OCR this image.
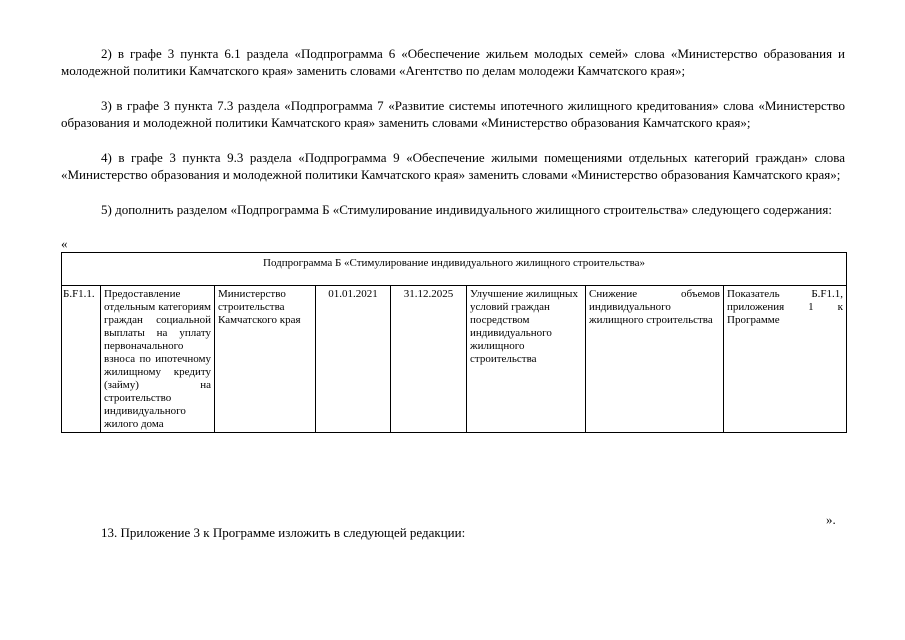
2) в графе 3 пункта 6.1 раздела «Подпрограмма 6 «Обеспечение жильем молодых семей» слова «Министерство образования и молодежной политики Камчатского края» заменить словами «Агентство по делам молодежи Камчатского края»;
3) в графе 3 пункта 7.3 раздела «Подпрограмма 7 «Развитие системы ипотечного жилищного кредитования» слова «Министерство образования и молодежной политики Камчатского края» заменить словами «Министерство образования Камчатского края»;
4) в графе 3 пункта 9.3 раздела «Подпрограмма 9 «Обеспечение жилыми помещениями отдельных категорий граждан» слова «Министерство образования и молодежной политики Камчатского края» заменить словами «Министерство образования Камчатского края»;
5) дополнить разделом «Подпрограмма Б «Стимулирование индивидуального жилищного строительства» следующего содержания:
«
Подпрограмма Б «Стимулирование индивидуального жилищного строительства»
Б.F1.1.	Предоставление отдельным категориям граждан социальной выплаты на уплату первоначального взноса по ипотечному жилищному кредиту (займу) на строительство индивидуального жилого дома	Министерство строительства Камчатского края	01.01.2021	31.12.2025	Улучшение жилищных условий граждан посредством индивидуального жилищного строительства	Снижение объемов индивидуального жилищного строительства	Показатель Б.F1.1, приложения 1 к Программе
».
13. Приложение 3 к Программе изложить в следующей редакции:
